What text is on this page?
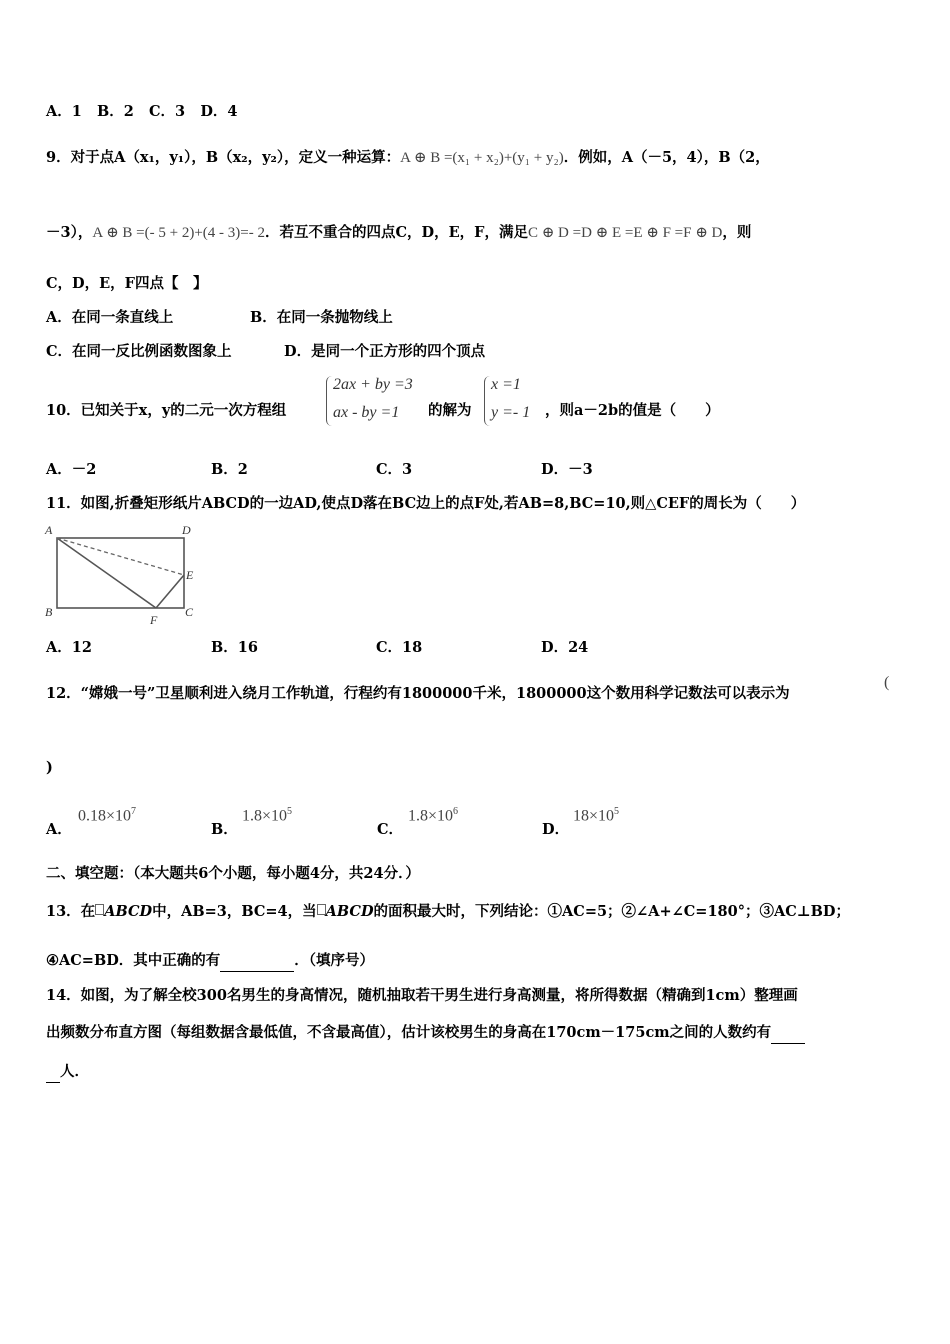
A．1 B．2 C．3 D．4
9．对于点A（x₁，y₁），B（x₂，y₂），定义一种运算：A ⊕ B =(x₁ + x₂)+(y₁ + y₂)．例如，A（－5，4），B（2，
－3），A ⊕ B =(- 5 + 2)+(4 - 3)=- 2．若互不重合的四点C，D，E，F，满足C ⊕ D =D ⊕ E =E ⊕ F =F ⊕ D，则
C，D，E，F四点【　】
A．在同一条直线上	B．在同一条抛物线上
C．在同一反比例函数图象上	D．是同一个正方形的四个顶点
10．已知关于x，y的二元一次方程组
2ax + by =3
ax - by =1 的解为
x =1
y =- 1 ，则a－2b的值是（　　）
A．－2	B．2	C．3	D．－3
11．如图,折叠矩形纸片ABCD的一边AD,使点D落在BC边上的点F处,若AB=8,BC=10,则△CEF的周长为（　　）
A	D
B	C
E
F
A．12	B．16	C．18	D．24
12．“嫦娥一号”卫星顺利进入绕月工作轨道，行程约有1800000千米，1800000这个数用科学记数法可以表示为
(
)
A．
$0.18\times 10^7$
B．
$1.8\times 10^5$
C．
$1.8\times 10^6$
D．
$18\times 10^5$
二、填空题：（本大题共6个小题，每小题4分，共24分．）
13．在 ABCD中，AB=3，BC=4，当 ABCD的面积最大时，下列结论：①AC=5；②∠A+∠C=180°；③AC⊥BD；
④AC=BD．其中正确的有	．（填序号）
14．如图，为了解全校300名男生的身高情况，随机抽取若干男生进行身高测量，将所得数据（精确到1cm）整理画
出频数分布直方图（每组数据含最低值，不含最高值），估计该校男生的身高在170cm－175cm之间的人数约有
人．
